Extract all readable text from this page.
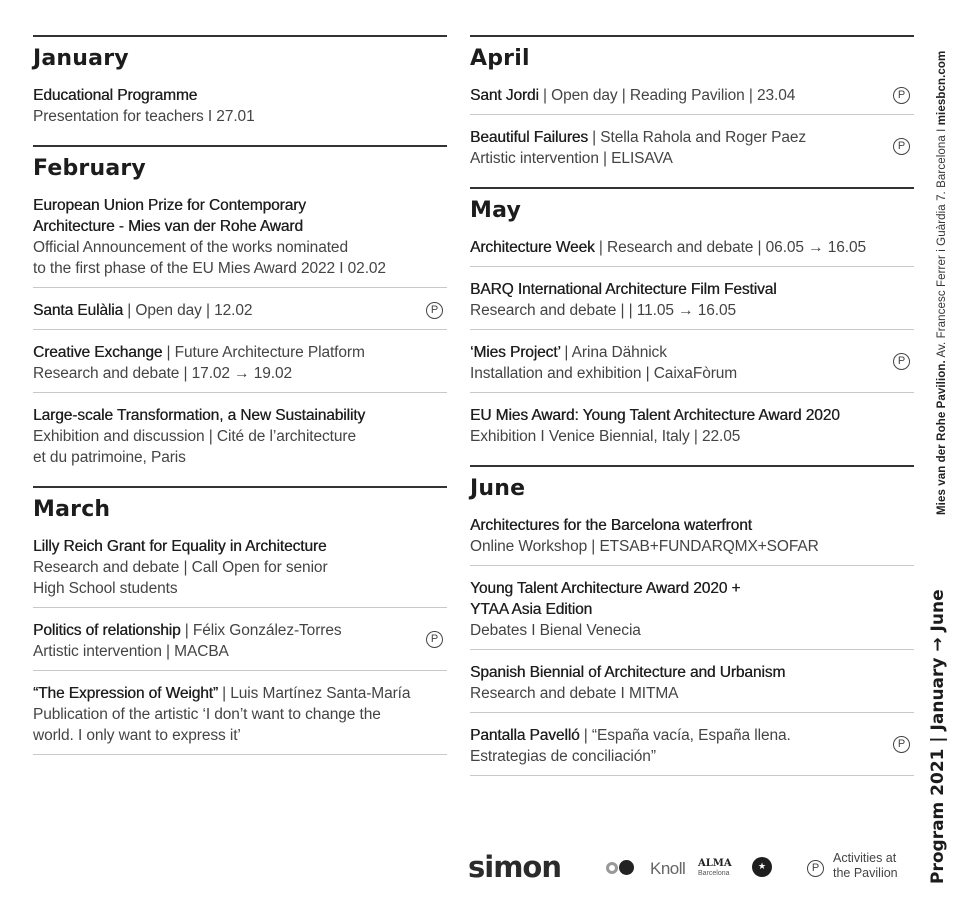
January
Educational Programme
Presentation for teachers I 27.01
February
European Union Prize for Contemporary
Architecture - Mies van der Rohe Award
Official Announcement of the works nominated
to the first phase of the EU Mies Award 2022 I 02.02
Santa Eulàlia | Open day | 12.02	P
Creative Exchange | Future Architecture Platform
Research and debate | 17.02 → 19.02
Large-scale Transformation, a New Sustainability
Exhibition and discussion | Cité de l’architecture
et du patrimoine, Paris
March
Lilly Reich Grant for Equality in Architecture
Research and debate | Call Open for senior
High School students
Politics of relationship | Félix González-Torres
Artistic intervention | MACBA
P
“The Expression of Weight” | Luis Martínez Santa-María
Publication of the artistic ‘I don’t want to change the
world. I only want to express it’
April
Sant Jordi | Open day | Reading Pavilion | 23.04	P
Beautiful Failures | Stella Rahola and Roger Paez
Artistic intervention | ELISAVA
P
May
Architecture Week | Research and debate | 06.05 → 16.05
BARQ International Architecture Film Festival
Research and debate | | 11.05 → 16.05
‘Mies Project’ | Arina Dähnick
Installation and exhibition | CaixaFòrum
P
EU Mies Award: Young Talent Architecture Award 2020
Exhibition I Venice Biennial, Italy | 22.05
June
Architectures for the Barcelona waterfront
Online Workshop | ETSAB+FUNDARQMX+SOFAR
Young Talent Architecture Award 2020 +
YTAA Asia Edition
Debates I Bienal Venecia
Spanish Biennial of Architecture and Urbanism
Research and debate I MITMA
Pantalla Pavelló | “España vacía, España llena.
Estrategias de conciliación”
P
Mies van der Rohe Pavilion. Av. Francesc Ferrer i Guàrdia 7. Barcelona I miesbcn.com
Program 2021 | January → June
simon	Knoll ALMA
Barcelona
★	P
Activities at
the Pavilion
